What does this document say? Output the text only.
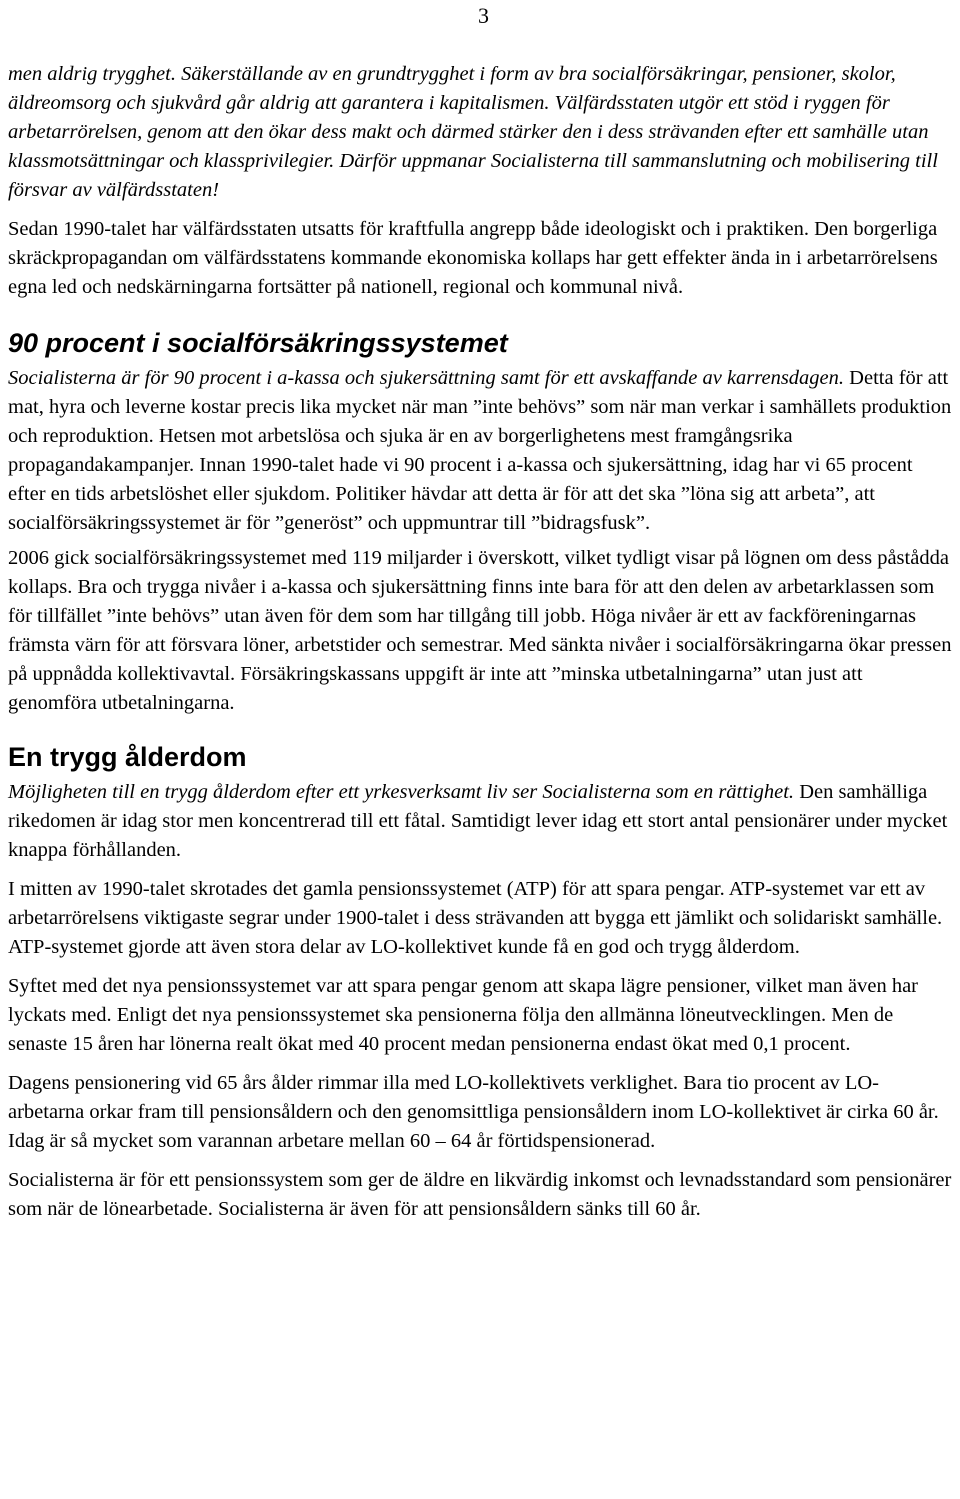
3

men aldrig trygghet. Säkerställande av en grundtrygghet i form av bra socialförsäkringar, pensioner, skolor, äldreomsorg och sjukvård går aldrig att garantera i kapitalismen. Välfärdsstaten utgör ett stöd i ryggen för arbetarrörelsen, genom att den ökar dess makt och därmed stärker den i dess strävanden efter ett samhälle utan klassmotsättningar och klassprivilegier. Därför uppmanar Socialisterna till sammanslutning och mobilisering till försvar av välfärdsstaten!

Sedan 1990-talet har välfärdsstaten utsatts för kraftfulla angrepp både ideologiskt och i praktiken. Den borgerliga skräckpropagandan om välfärdsstatens kommande ekonomiska kollaps har gett effekter ända in i arbetarrörelsens egna led och nedskärningarna fortsätter på nationell, regional och kommunal nivå.

90 procent i socialförsäkringssystemet

Socialisterna är för 90 procent i a-kassa och sjukersättning samt för ett avskaffande av karrensdagen. Detta för att mat, hyra och leverne kostar precis lika mycket när man ”inte behövs” som när man verkar i samhällets produktion och reproduktion. Hetsen mot arbetslösa och sjuka är en av borgerlighetens mest framgångsrika propagandakampanjer. Innan 1990-talet hade vi 90 procent i a-kassa och sjukersättning, idag har vi 65 procent efter en tids arbetslöshet eller sjukdom. Politiker hävdar att detta är för att det ska ”löna sig att arbeta”, att socialförsäkringssystemet är för ”generöst” och uppmuntrar till ”bidragsfusk”.

2006 gick socialförsäkringssystemet med 119 miljarder i överskott, vilket tydligt visar på lögnen om dess påstådda kollaps. Bra och trygga nivåer i a-kassa och sjukersättning finns inte bara för att den delen av arbetarklassen som för tillfället ”inte behövs” utan även för dem som har tillgång till jobb. Höga nivåer är ett av fackföreningarnas främsta värn för att försvara löner, arbetstider och semestrar. Med sänkta nivåer i socialförsäkringarna ökar pressen på uppnådda kollektivavtal. Försäkringskassans uppgift är inte att ”minska utbetalningarna” utan just att genomföra utbetalningarna.

En trygg ålderdom

Möjligheten till en trygg ålderdom efter ett yrkesverksamt liv ser Socialisterna som en rättighet. Den samhälliga rikedomen är idag stor men koncentrerad till ett fåtal. Samtidigt lever idag ett stort antal pensionärer under mycket knappa förhållanden.

I mitten av 1990-talet skrotades det gamla pensionssystemet (ATP) för att spara pengar. ATP-systemet var ett av arbetarrörelsens viktigaste segrar under 1900-talet i dess strävanden att bygga ett jämlikt och solidariskt samhälle. ATP-systemet gjorde att även stora delar av LO-kollektivet kunde få en god och trygg ålderdom.

Syftet med det nya pensionssystemet var att spara pengar genom att skapa lägre pensioner, vilket man även har lyckats med. Enligt det nya pensionssystemet ska pensionerna följa den allmänna löneutvecklingen. Men de senaste 15 åren har lönerna realt ökat med 40 procent medan pensionerna endast ökat med 0,1 procent.

Dagens pensionering vid 65 års ålder rimmar illa med LO-kollektivets verklighet. Bara tio procent av LO-arbetarna orkar fram till pensionsåldern och den genomsittliga pensionsåldern inom LO-kollektivet är cirka 60 år. Idag är så mycket som varannan arbetare mellan 60 – 64 år förtidspensionerad.

Socialisterna är för ett pensionssystem som ger de äldre en likvärdig inkomst och levnadsstandard som pensionärer som när de lönearbetade. Socialisterna är även för att pensionsåldern sänks till 60 år.
